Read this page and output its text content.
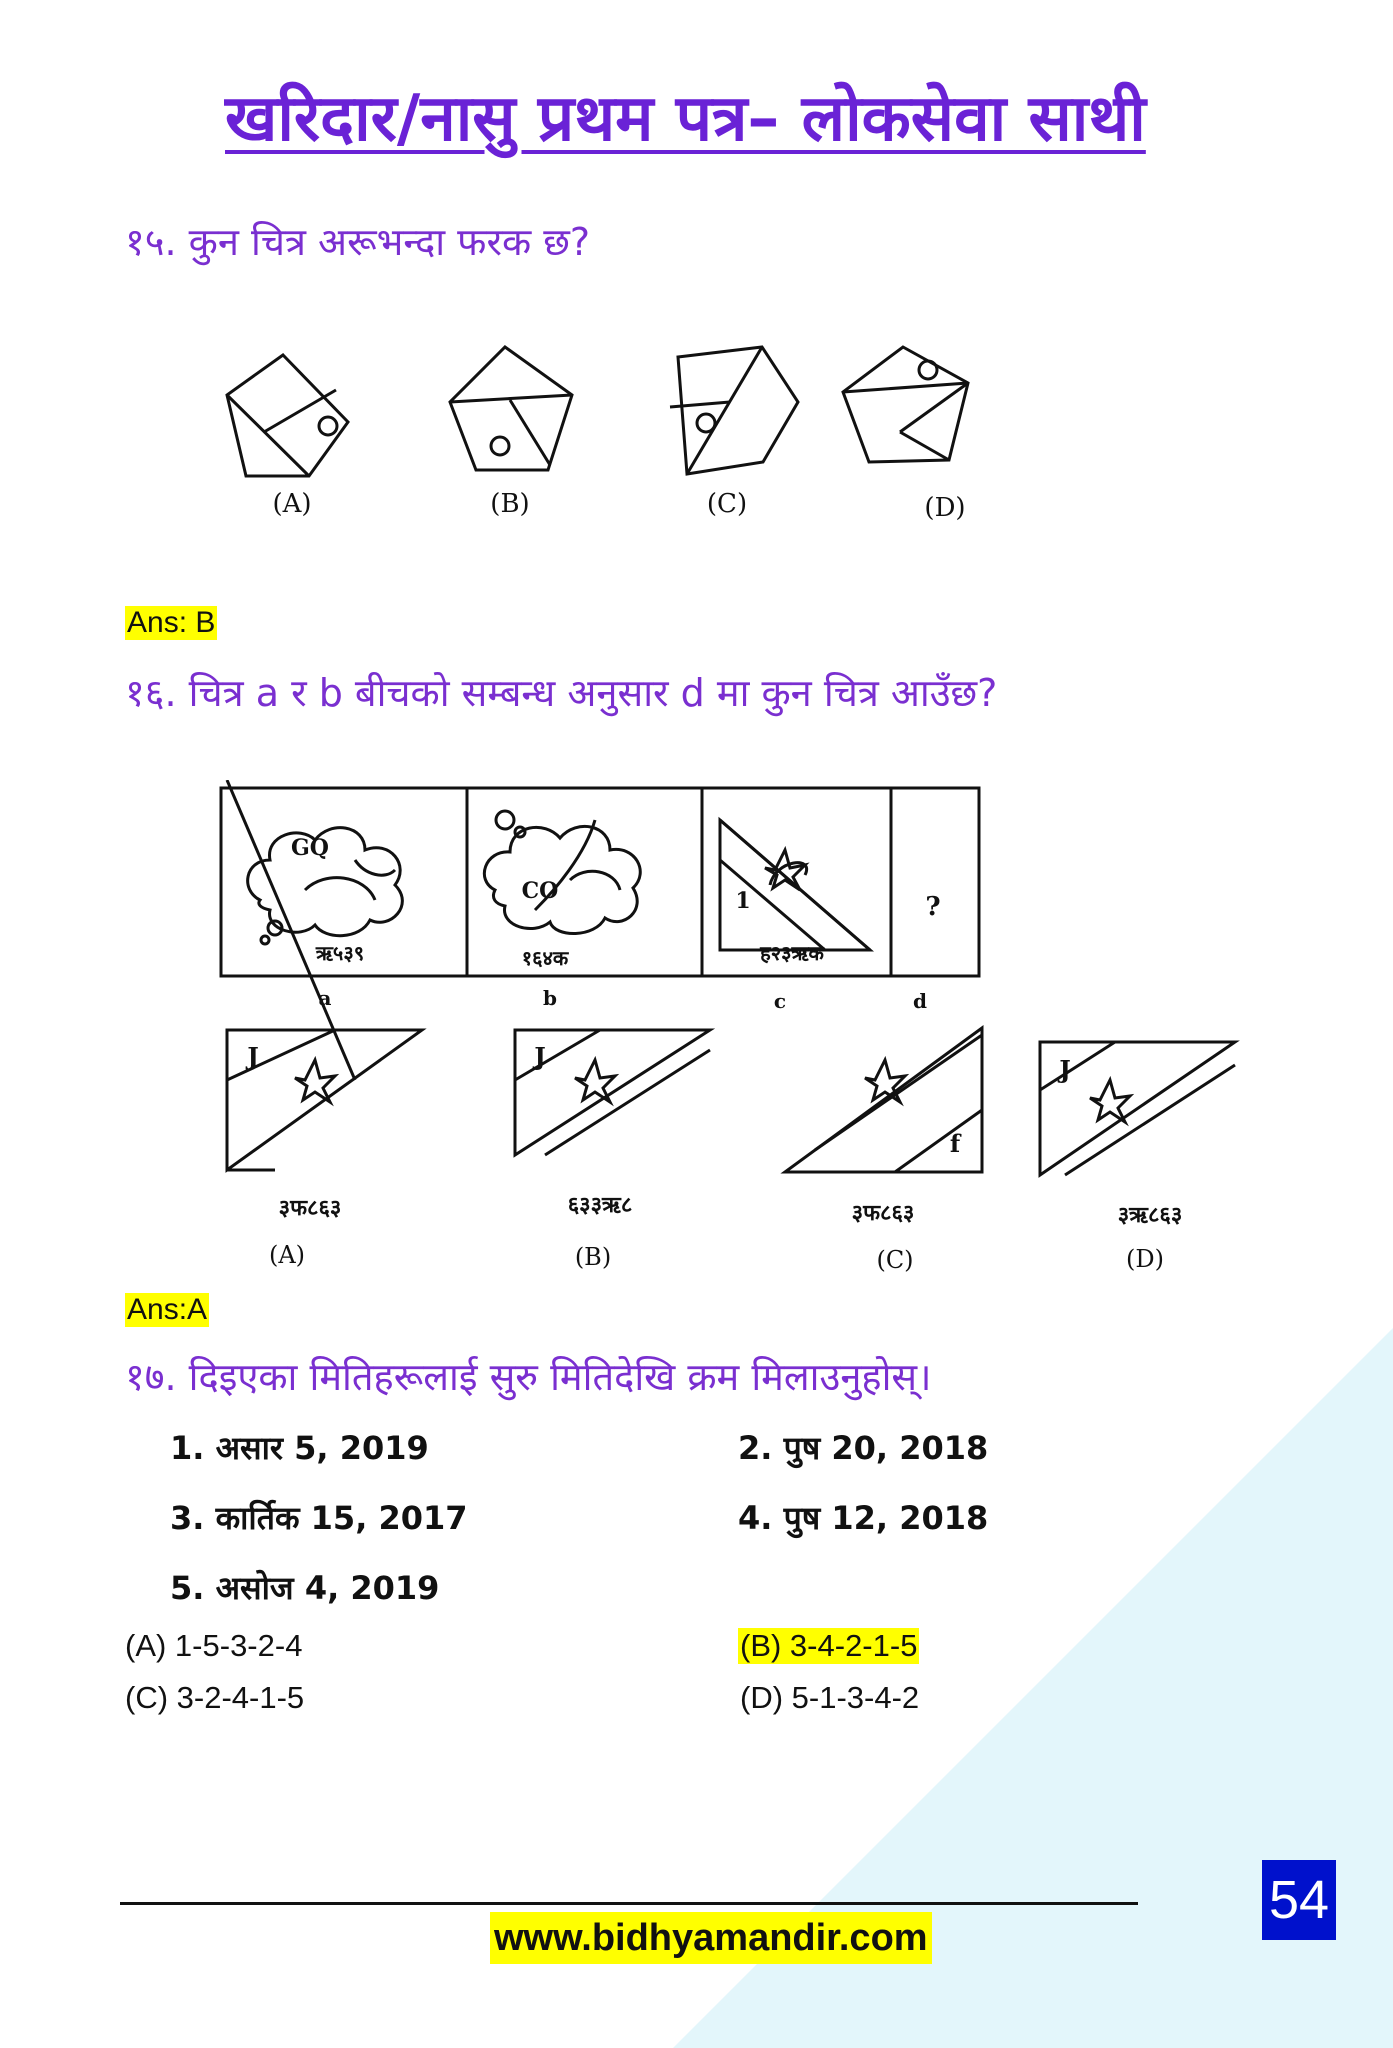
खरिदार/नासु प्रथम पत्र– लोकसेवा साथी
१५. कुन चित्र अरूभन्दा फरक छ?
(A)	(B)	(C)	(D)
Ans: B
१६. चित्र a र b बीचको सम्बन्ध अनुसार d मा कुन चित्र आउँछ?
GQ
CO	1	?
ऋ५३९	१६४क	ह२३ऋक
J	J
f
J
३फ८६३	६३३ऋ८	३फ८६३	३ऋ८६३
a	b	c	d
(A)	(B)	(C)	(D)
Ans:A
१७. दिइएका मितिहरूलाई सुरु मितिदेखि क्रम मिलाउनुहोस्।
1. असार 5, 2019	2. पुष 20, 2018
3. कार्तिक 15, 2017	4. पुष 12, 2018
5. असोज 4, 2019
(A) 1-5-3-2-4	(B) 3-4-2-1-5
(C) 3-2-4-1-5	(D) 5-1-3-4-2
54
www.bidhyamandir.com
